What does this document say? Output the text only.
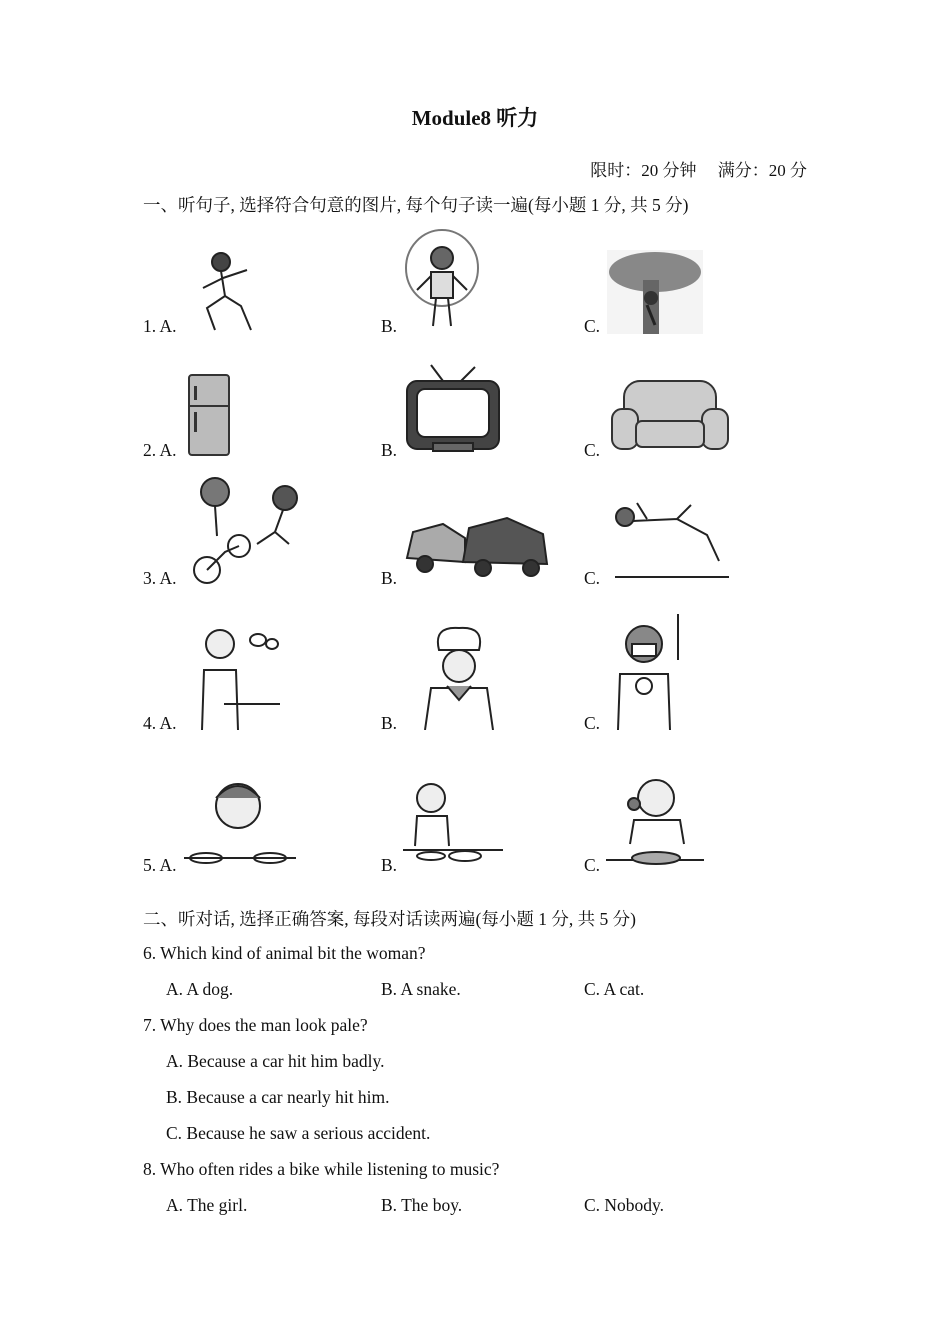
Module8 听力
限时：20 分钟　 满分：20 分
一、听句子, 选择符合句意的图片, 每个句子读一遍(每小题 1 分, 共 5 分)
1. A.	B.	C.
2. A.	B.	C.
3. A.	B.	C.
4. A.	B.	C.
5. A.	B.	C.
二、听对话, 选择正确答案, 每段对话读两遍(每小题 1 分, 共 5 分)
6. Which kind of animal bit the woman?
A. A dog.	B. A snake.	C. A cat.
7. Why does the man look pale?
A. Because a car hit him badly.
B. Because a car nearly hit him.
C. Because he saw a serious accident.
8. Who often rides a bike while listening to music?
A. The girl.	B. The boy.	C. Nobody.
